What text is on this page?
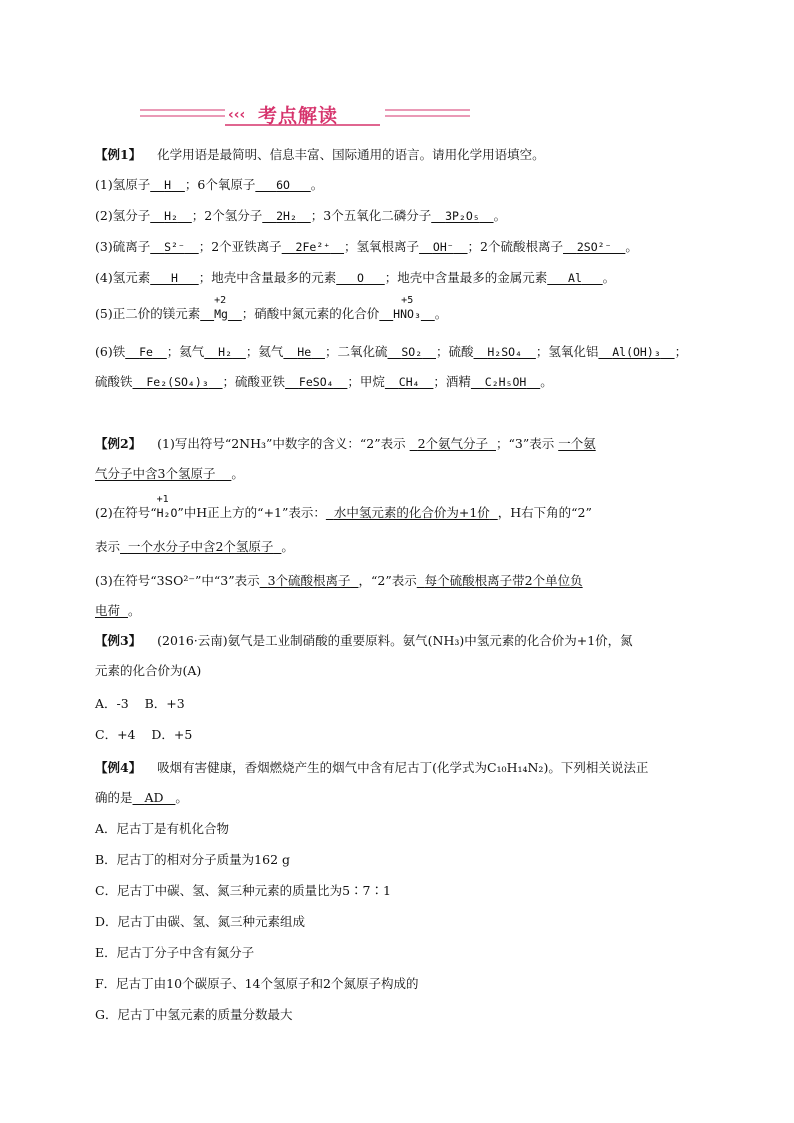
‹‹‹ 考点解读
【例1】 化学用语是最简明、信息丰富、国际通用的语言。请用化学用语填空。
(1)氢原子 H ；6个氧原子 6O 。
(2)氢分子 H₂ ；2个氢分子 2H₂ ；3个五氧化二磷分子 3P₂O₅ 。
(3)硫离子 S²⁻ ；2个亚铁离子 2Fe²⁺ ；氢氧根离子 OH⁻ ；2个硫酸根离子 2SO²⁻ 。
(4)氢元素 H ；地壳中含量最多的元素 O ；地壳中含量最多的金属元素 Al 。
(5)正二价的镁元素
+2
Mg ；硝酸中氮元素的化合价
+5
HNO₃ 。
(6)铁 Fe ；氦气 H₂ ；氦气 He ；二氧化硫 SO₂ ；硫酸 H₂SO₄ ；氢氧化铝 Al(OH)₃ ；
硫酸铁 Fe₂(SO₄)₃ ；硫酸亚铁 FeSO₄ ；甲烷 CH₄ ；酒精 C₂H₅OH 。
【例2】 (1)写出符号“2NH₃”中数字的含义：“2”表示 2个氨气分子 ；“3”表示 一个氨
气分子中含3个氢原子 。
(2)在符号“
+1
H₂O”中H正上方的“+1”表示： 水中氢元素的化合价为+1价 ，H右下角的“2”
表示 一个水分子中含2个氢原子 。
(3)在符号“3SO²⁻”中“3”表示 3个硫酸根离子 ，“2”表示 每个硫酸根离子带2个单位负
电荷 。
【例3】 (2016·云南)氨气是工业制硝酸的重要原料。氨气(NH₃)中氢元素的化合价为+1价，氮
元素的化合价为(A)
A．-3 B．+3
C．+4 D．+5
【例4】 吸烟有害健康，香烟燃烧产生的烟气中含有尼古丁(化学式为C₁₀H₁₄N₂)。下列相关说法正
确的是 AD 。
A．尼古丁是有机化合物
B．尼古丁的相对分子质量为162 g
C．尼古丁中碳、氢、氮三种元素的质量比为5∶7∶1
D．尼古丁由碳、氢、氮三种元素组成
E．尼古丁分子中含有氮分子
F．尼古丁由10个碳原子、14个氢原子和2个氮原子构成的
G．尼古丁中氢元素的质量分数最大
